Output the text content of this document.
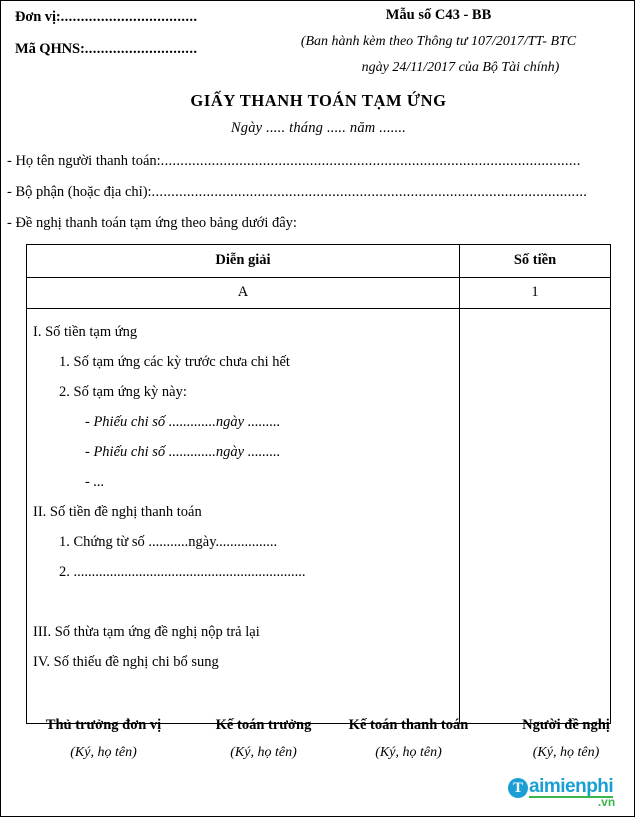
Đơn vị:..................................
Mã QHNS:............................
Mẫu số C43 - BB
(Ban hành kèm theo Thông tư 107/2017/TT- BTC
ngày 24/11/2017 của Bộ Tài chính)
GIẤY THANH TOÁN TẠM ỨNG
Ngày ..... tháng ..... năm .......
- Họ tên người thanh toán:...........................................................................................................
- Bộ phận (hoặc địa chỉ):...............................................................................................................
- Đề nghị thanh toán tạm ứng theo bảng dưới đây:
Diễn giải	Số tiền
A	1
I. Số tiền tạm ứng
1. Số tạm ứng các kỳ trước chưa chi hết
2. Số tạm ứng kỳ này:
- Phiếu chi số .............ngày .........
- Phiếu chi số .............ngày .........
- ...
II. Số tiền đề nghị thanh toán
1. Chứng từ số ...........ngày.................
2. ................................................................
III. Số thừa tạm ứng đề nghị nộp trả lại
IV. Số thiếu đề nghị chi bổ sung
Thủ trưởng đơn vị
(Ký, họ tên)
Kế toán trưởng
(Ký, họ tên)
Kế toán thanh toán
(Ký, họ tên)
Người đề nghị
(Ký, họ tên)
T aimienphi
.vn
